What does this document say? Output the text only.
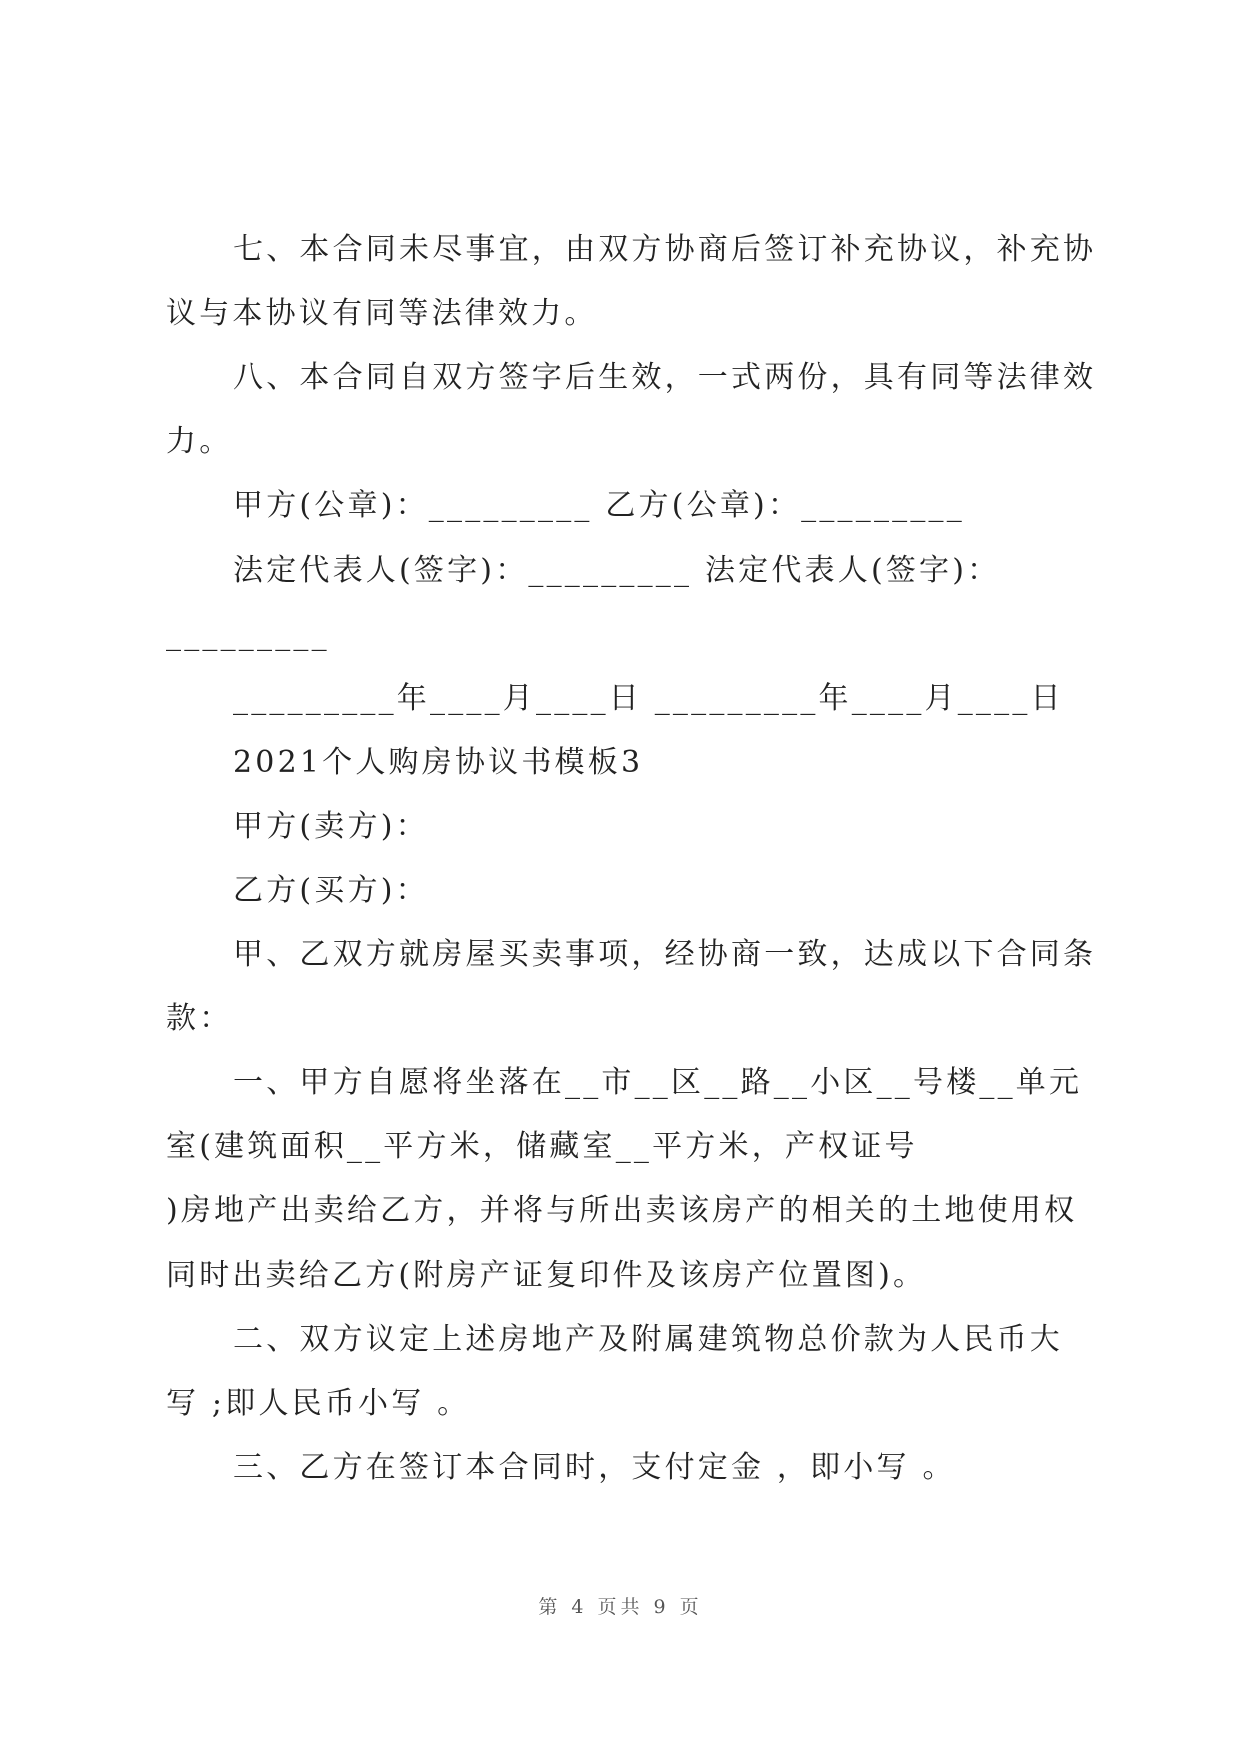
七、本合同未尽事宜，由双方协商后签订补充协议，补充协
议与本协议有同等法律效力。
八、本合同自双方签字后生效，一式两份，具有同等法律效
力。
甲方(公章)：_________ 乙方(公章)：_________
法定代表人(签字)：_________ 法定代表人(签字)：
_________
_________年____月____日 _________年____月____日
2021个人购房协议书模板3
甲方(卖方)：
乙方(买方)：
甲、乙双方就房屋买卖事项，经协商一致，达成以下合同条
款：
一、甲方自愿将坐落在__市__区__路__小区__号楼__单元
室(建筑面积__平方米，储藏室__平方米，产权证号
)房地产出卖给乙方，并将与所出卖该房产的相关的土地使用权
同时出卖给乙方(附房产证复印件及该房产位置图)。
二、双方议定上述房地产及附属建筑物总价款为人民币大
写 ;即人民币小写 。
三、乙方在签订本合同时，支付定金 ，即小写 。
第 4 页共 9 页
